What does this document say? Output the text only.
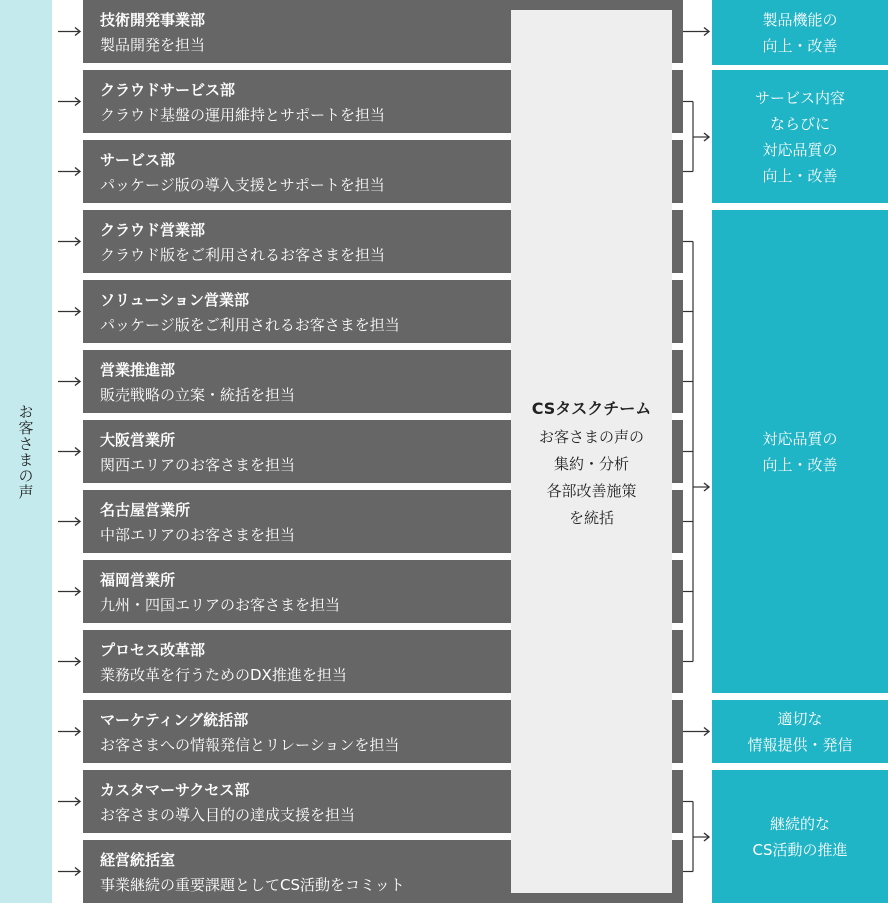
お客さまの声
技術開発事業部
製品開発を担当
クラウドサービス部
クラウド基盤の運用維持とサポートを担当
サービス部
パッケージ版の導入支援とサポートを担当
クラウド営業部
クラウド版をご利用されるお客さまを担当
ソリューション営業部
パッケージ版をご利用されるお客さまを担当
営業推進部
販売戦略の立案・統括を担当
大阪営業所
関西エリアのお客さまを担当
名古屋営業所
中部エリアのお客さまを担当
福岡営業所
九州・四国エリアのお客さまを担当
プロセス改革部
業務改革を行うためのDX推進を担当
マーケティング統括部
お客さまへの情報発信とリレーションを担当
カスタマーサクセス部
お客さまの導入目的の達成支援を担当
経営統括室
事業継続の重要課題としてCS活動をコミット
CSタスクチーム
お客さまの声の
集約・分析
各部改善施策
を統括
製品機能の
向上・改善
サービス内容
ならびに
対応品質の
向上・改善
対応品質の
向上・改善
適切な
情報提供・発信
継続的な
CS活動の推進
